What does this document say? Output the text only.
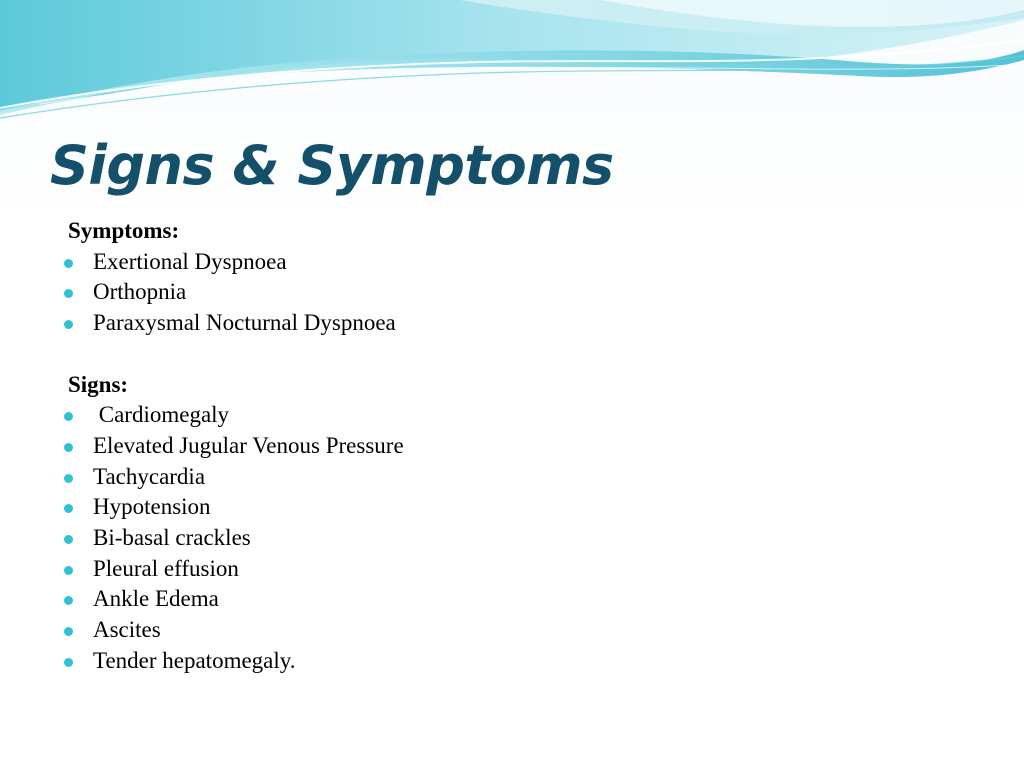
Signs & Symptoms
Symptoms:
Exertional Dyspnoea
Orthopnia
Paraxysmal Nocturnal Dyspnoea
Signs:
Cardiomegaly
Elevated Jugular Venous Pressure
Tachycardia
Hypotension
Bi-basal crackles
Pleural effusion
Ankle Edema
Ascites
Tender hepatomegaly.
